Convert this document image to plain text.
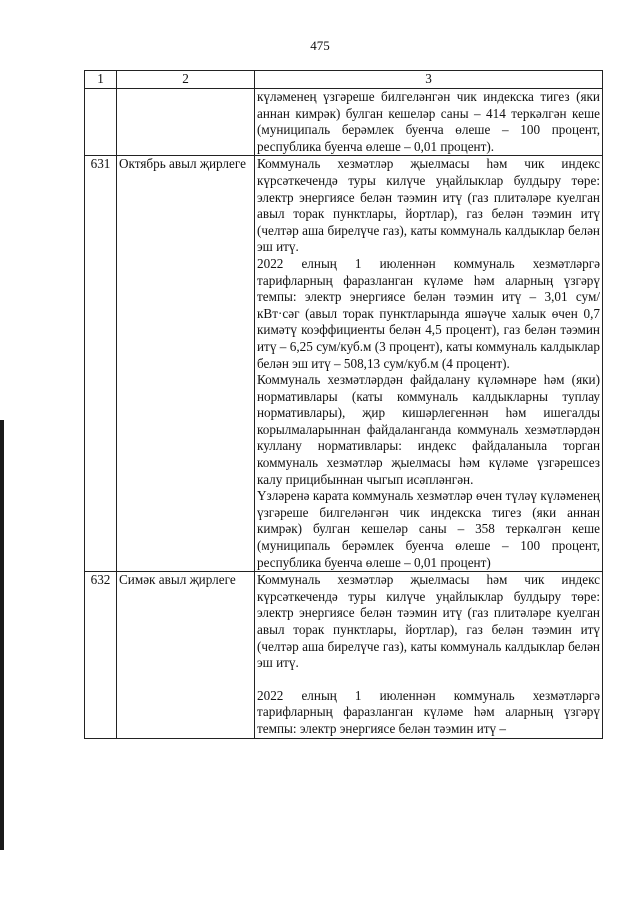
475
1	2	3

		күләменең үзгәреше билгеләнгән чик индекска тигез (яки аннан кимрәк) булган кешеләр саны – 414 теркәлгән кеше (муниципаль берәмлек буенча өлеше – 100 процент, республика буенча өлеше – 0,01 процент).

631	Октябрь авыл җирлеге	Коммуналь хезмәтләр җыелмасы һәм чик индекс күрсәткечендә туры килүче уңайлыклар булдыру төре: электр энергиясе белән тәэмин итү (газ плитәләре куелган авыл торак пунктлары, йортлар), газ белән тәэмин итү (челтәр аша бирелүче газ), каты коммуналь калдыклар белән эш итү.

2022 елның 1 июленнән коммуналь хезмәтләргә тарифларның фаразланган күләме һәм аларның үзгәрү темпы: электр энергиясе белән тәэмин итү – 3,01 сум/кВт·сәг (авыл торак пунктларында яшәүче халык өчен 0,7 кимәтү коэффициенты белән 4,5 процент), газ белән тәэмин итү – 6,25 сум/куб.м (3 процент), каты коммуналь калдыклар белән эш итү – 508,13 сум/куб.м (4 процент).

Коммуналь хезмәтләрдән файдалану күләмнәре һәм (яки) нормативлары (каты коммуналь калдыкларны туплау нормативлары), җир кишәрлегеннән һәм ишегалды корылмаларыннан файдаланганда коммуналь хезмәтләрдән куллану нормативлары: индекс файдаланыла торган коммуналь хезмәтләр җыелмасы һәм күләме үзгәрешсез калу прицибыннан чыгып исәпләнгән.

Үзләренә карата коммуналь хезмәтләр өчен түләү күләменең үзгәреше билгеләнгән чик индекска тигез (яки аннан кимрәк) булган кешеләр саны – 358 теркәлгән кеше (муниципаль берәмлек буенча өлеше – 100 процент, республика буенча өлеше – 0,01 процент)

632	Симәк авыл җирлеге	Коммуналь хезмәтләр җыелмасы һәм чик индекс күрсәткечендә туры килүче уңайлыклар булдыру төре: электр энергиясе белән тәэмин итү (газ плитәләре куелган авыл торак пунктлары, йортлар), газ белән тәэмин итү (челтәр аша бирелүче газ), каты коммуналь калдыклар белән эш итү.

2022 елның 1 июленнән коммуналь хезмәтләргә тарифларның фаразланган күләме һәм аларның үзгәрү темпы: электр энергиясе белән тәэмин итү –
